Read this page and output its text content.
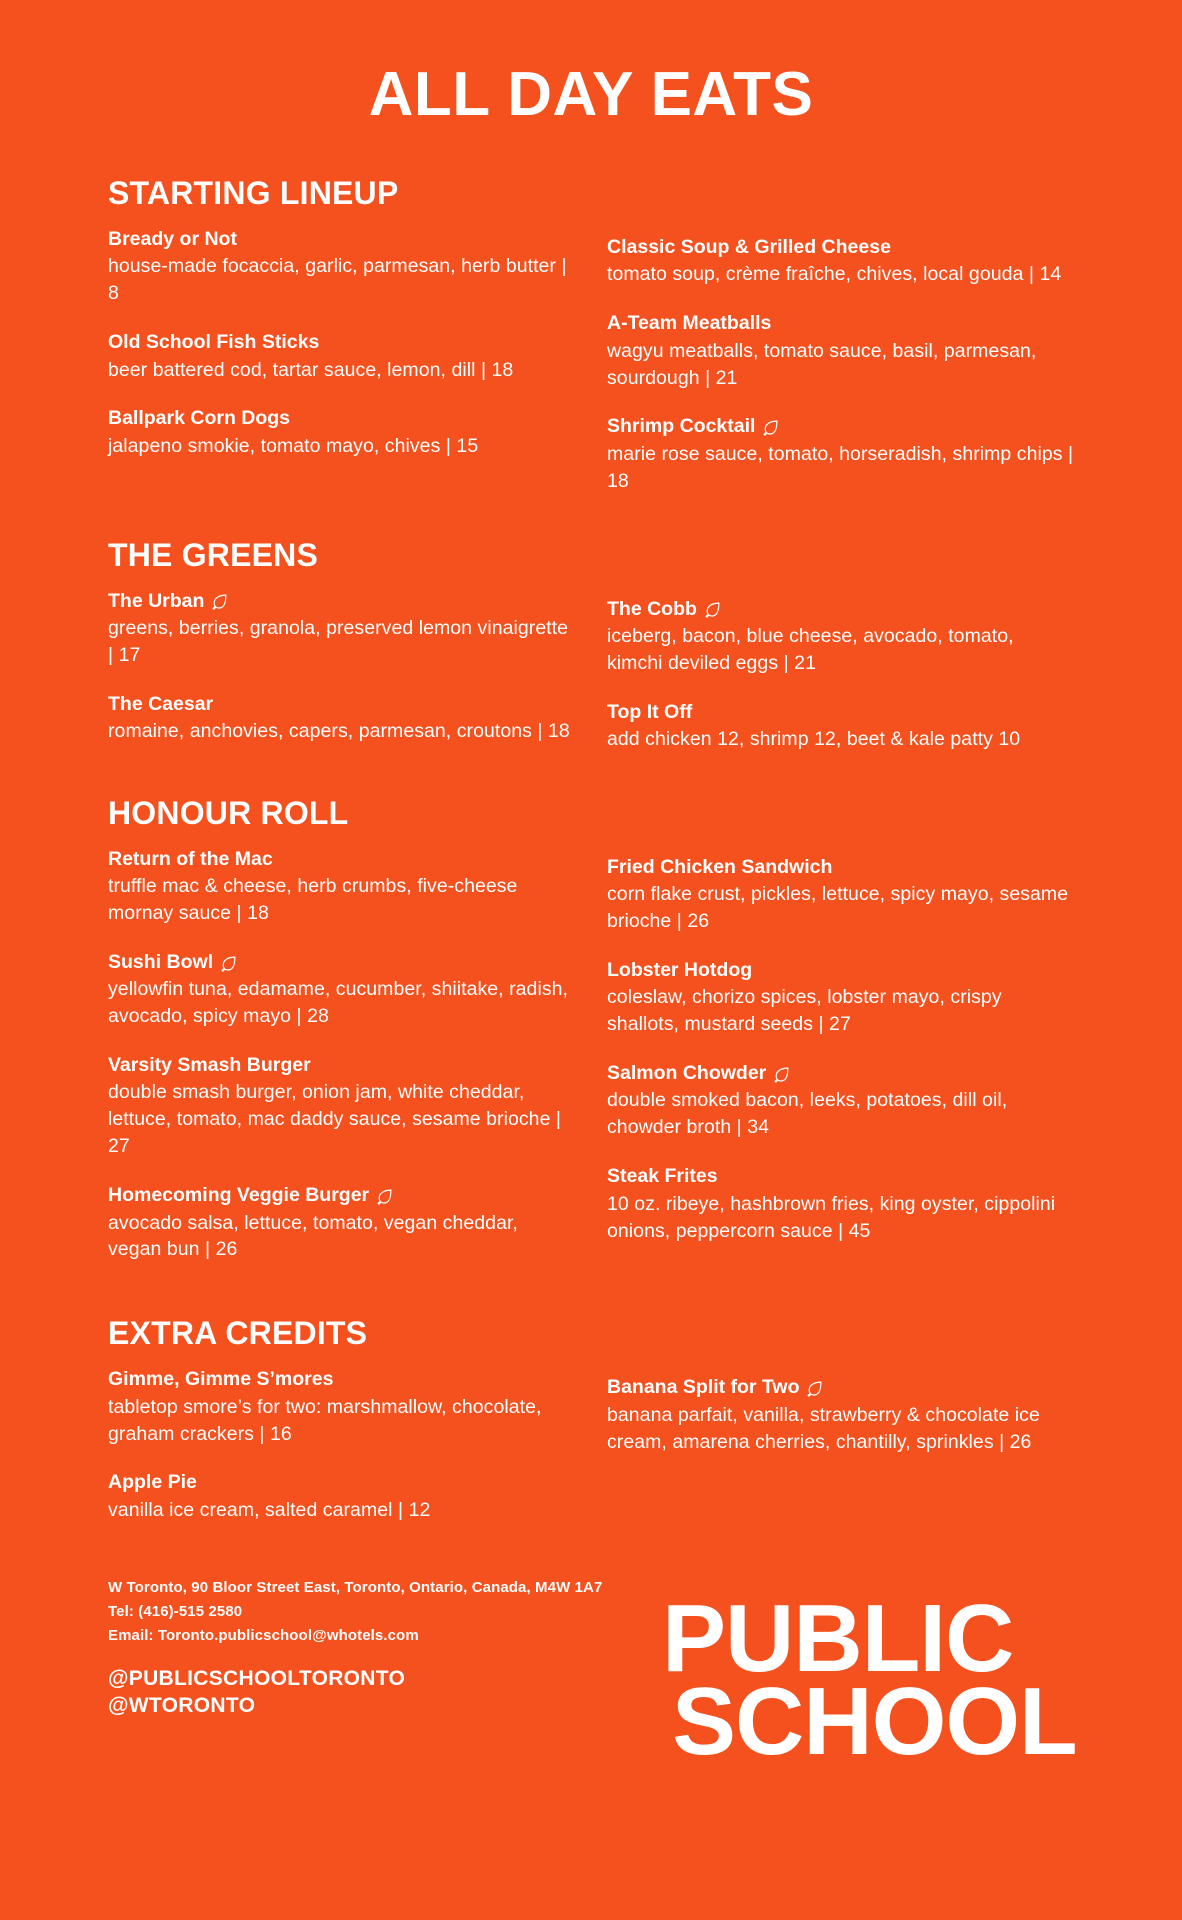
ALL DAY EATS
STARTING LINEUP
Bready or Not
house-made focaccia, garlic, parmesan, herb butter | 8
Old School Fish Sticks
beer battered cod, tartar sauce, lemon, dill | 18
Ballpark Corn Dogs
jalapeno smokie, tomato mayo, chives | 15
Classic Soup & Grilled Cheese
tomato soup, crème fraîche, chives, local gouda | 14
A-Team Meatballs
wagyu meatballs, tomato sauce, basil, parmesan, sourdough | 21
Shrimp Cocktail
marie rose sauce, tomato, horseradish, shrimp chips | 18
THE GREENS
The Urban
greens, berries, granola, preserved lemon vinaigrette | 17
The Caesar
romaine, anchovies, capers, parmesan, croutons | 18
The Cobb
iceberg, bacon, blue cheese, avocado, tomato, kimchi deviled eggs | 21
Top It Off
add chicken 12, shrimp 12, beet & kale patty 10
HONOUR ROLL
Return of the Mac
truffle mac & cheese, herb crumbs, five-cheese mornay sauce | 18
Sushi Bowl
yellowfin tuna, edamame, cucumber, shiitake, radish, avocado, spicy mayo | 28
Varsity Smash Burger
double smash burger, onion jam, white cheddar, lettuce, tomato, mac daddy sauce, sesame brioche | 27
Homecoming Veggie Burger
avocado salsa, lettuce, tomato, vegan cheddar, vegan bun | 26
Fried Chicken Sandwich
corn flake crust, pickles, lettuce, spicy mayo, sesame brioche | 26
Lobster Hotdog
coleslaw, chorizo spices, lobster mayo, crispy shallots, mustard seeds | 27
Salmon Chowder
double smoked bacon, leeks, potatoes, dill oil, chowder broth | 34
Steak Frites
10 oz. ribeye, hashbrown fries, king oyster, cippolini onions, peppercorn sauce | 45
EXTRA CREDITS
Gimme, Gimme S’mores
tabletop smore’s for two: marshmallow, chocolate, graham crackers | 16
Apple Pie
vanilla ice cream, salted caramel | 12
Banana Split for Two
banana parfait, vanilla, strawberry & chocolate ice cream, amarena cherries, chantilly, sprinkles | 26
W Toronto, 90 Bloor Street East, Toronto, Ontario, Canada, M4W 1A7
Tel: (416)-515 2580
Email: Toronto.publicschool@whotels.com
@PUBLICSCHOOLTORONTO
@WTORONTO
PUBLIC
SCHOOL
